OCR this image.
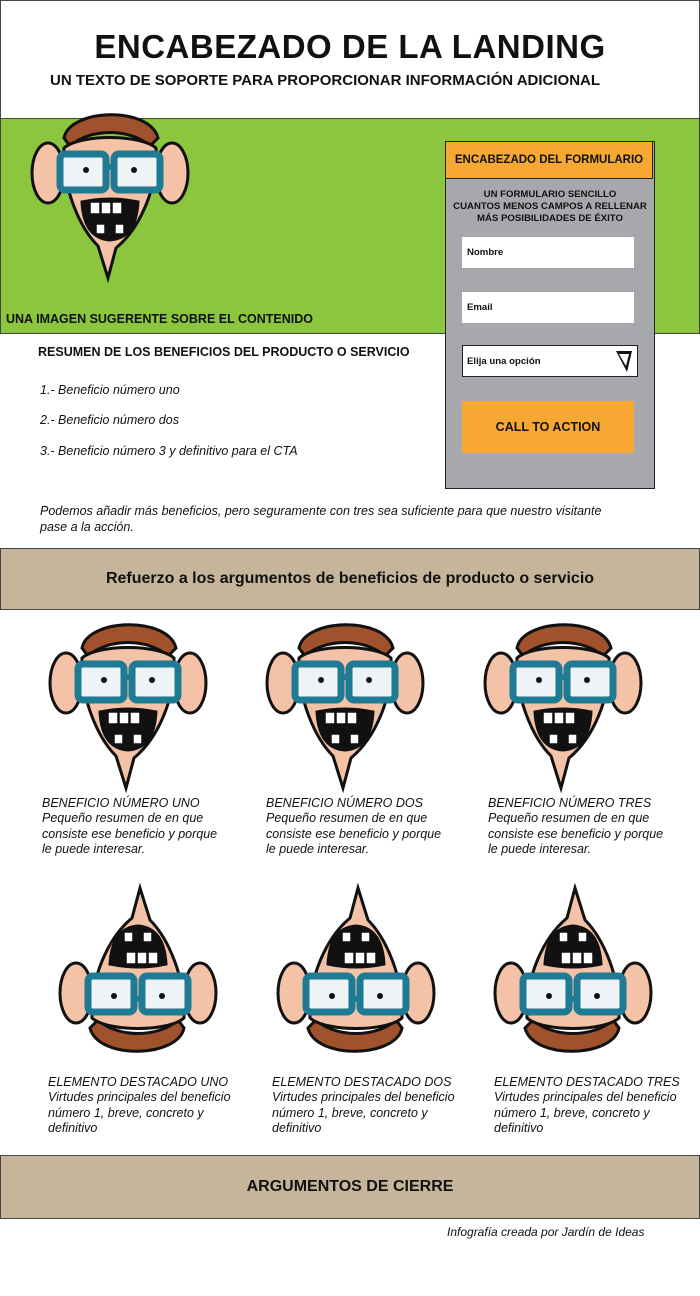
ENCABEZADO DE LA LANDING
UN TEXTO DE SOPORTE PARA PROPORCIONAR INFORMACIÓN ADICIONAL
UNA IMAGEN SUGERENTE SOBRE EL CONTENIDO
ENCABEZADO DEL FORMULARIO
UN FORMULARIO SENCILLO
CUANTOS MENOS CAMPOS A RELLENAR
MÁS POSIBILIDADES DE ÉXITO
Nombre
Email
Elija una opción
CALL TO ACTION
RESUMEN DE LOS BENEFICIOS DEL PRODUCTO O SERVICIO
1.- Beneficio número uno
2.- Beneficio número dos
3.- Beneficio número 3 y definitivo para el CTA
Podemos añadir más beneficios, pero seguramente con tres sea suficiente para que nuestro visitante
pase a la acción.
Refuerzo a los argumentos de beneficios de producto o servicio
BENEFICIO NÚMERO UNO
Pequeño resumen de en que
consiste ese beneficio y porque
le puede interesar.
BENEFICIO NÚMERO DOS
Pequeño resumen de en que
consiste ese beneficio y porque
le puede interesar.
BENEFICIO NÚMERO TRES
Pequeño resumen de en que
consiste ese beneficio y porque
le puede interesar.
ELEMENTO DESTACADO UNO
Virtudes principales del beneficio
número 1, breve, concreto y
definitivo
ELEMENTO DESTACADO DOS
Virtudes principales del beneficio
número 1, breve, concreto y
definitivo
ELEMENTO DESTACADO TRES
Virtudes principales del beneficio
número 1, breve, concreto y
definitivo
ARGUMENTOS DE CIERRE
Infografía creada por Jardín de Ideas
